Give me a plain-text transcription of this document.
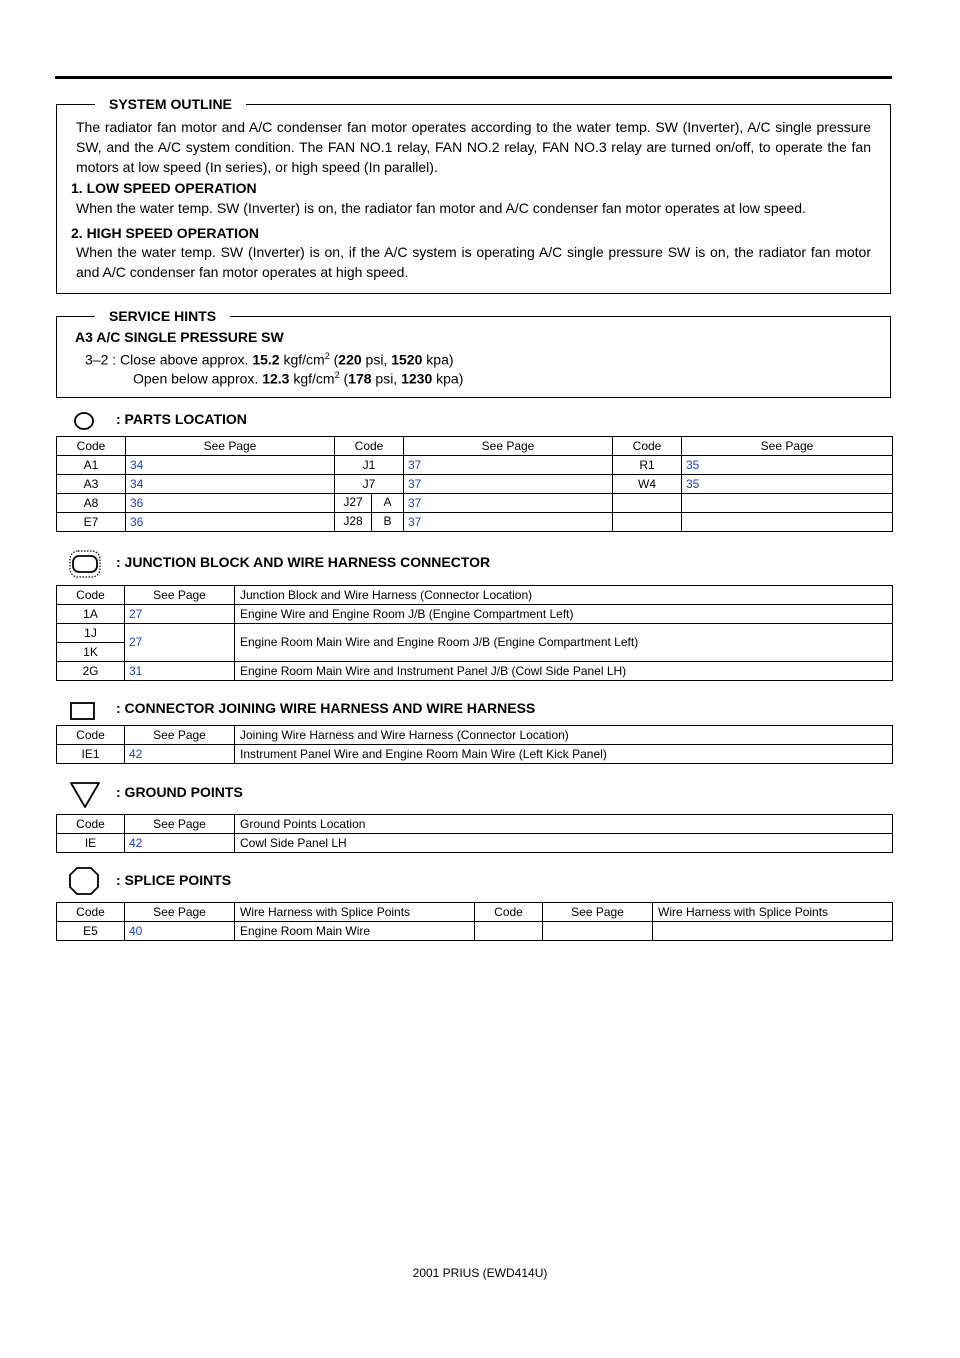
SYSTEM OUTLINE
The radiator fan motor and A/C condenser fan motor operates according to the water temp. SW (Inverter), A/C single pressure SW, and the A/C system condition. The FAN NO.1 relay, FAN NO.2 relay, FAN NO.3 relay are turned on/off, to operate the fan motors at low speed (In series), or high speed (In parallel).
1. LOW SPEED OPERATION
When the water temp. SW (Inverter) is on, the radiator fan motor and A/C condenser fan motor operates at low speed.
2. HIGH SPEED OPERATION
When the water temp. SW (Inverter) is on, if the A/C system is operating A/C single pressure SW is on, the radiator fan motor and A/C condenser fan motor operates at high speed.
SERVICE HINTS
A3 A/C SINGLE PRESSURE SW
3–2 : Close above approx. 15.2 kgf/$cm^2$ (220 psi, 1520 kpa)
Open below approx. 12.3 kgf/$cm^2$ (178 psi, 1230 kpa)
: PARTS LOCATION
Code	See Page	Code	See Page	Code	See Page
A1	34	J1	37	R1	35
A3	34	J7	37	W4	35
A8	36	J27 A	37		
E7	36	J28 B	37		
: JUNCTION BLOCK AND WIRE HARNESS CONNECTOR
Code	See Page	Junction Block and Wire Harness (Connector Location)
1A	27	Engine Wire and Engine Room J/B (Engine Compartment Left)
1J	27	Engine Room Main Wire and Engine Room J/B (Engine Compartment Left)
1K		
2G	31	Engine Room Main Wire and Instrument Panel J/B (Cowl Side Panel LH)
: CONNECTOR JOINING WIRE HARNESS AND WIRE HARNESS
Code	See Page	Joining Wire Harness and Wire Harness (Connector Location)
IE1	42	Instrument Panel Wire and Engine Room Main Wire (Left Kick Panel)
: GROUND POINTS
Code	See Page	Ground Points Location
IE	42	Cowl Side Panel LH
: SPLICE POINTS
Code	See Page	Wire Harness with Splice Points	Code	See Page	Wire Harness with Splice Points
E5	40	Engine Room Main Wire			
2001 PRIUS (EWD414U)
